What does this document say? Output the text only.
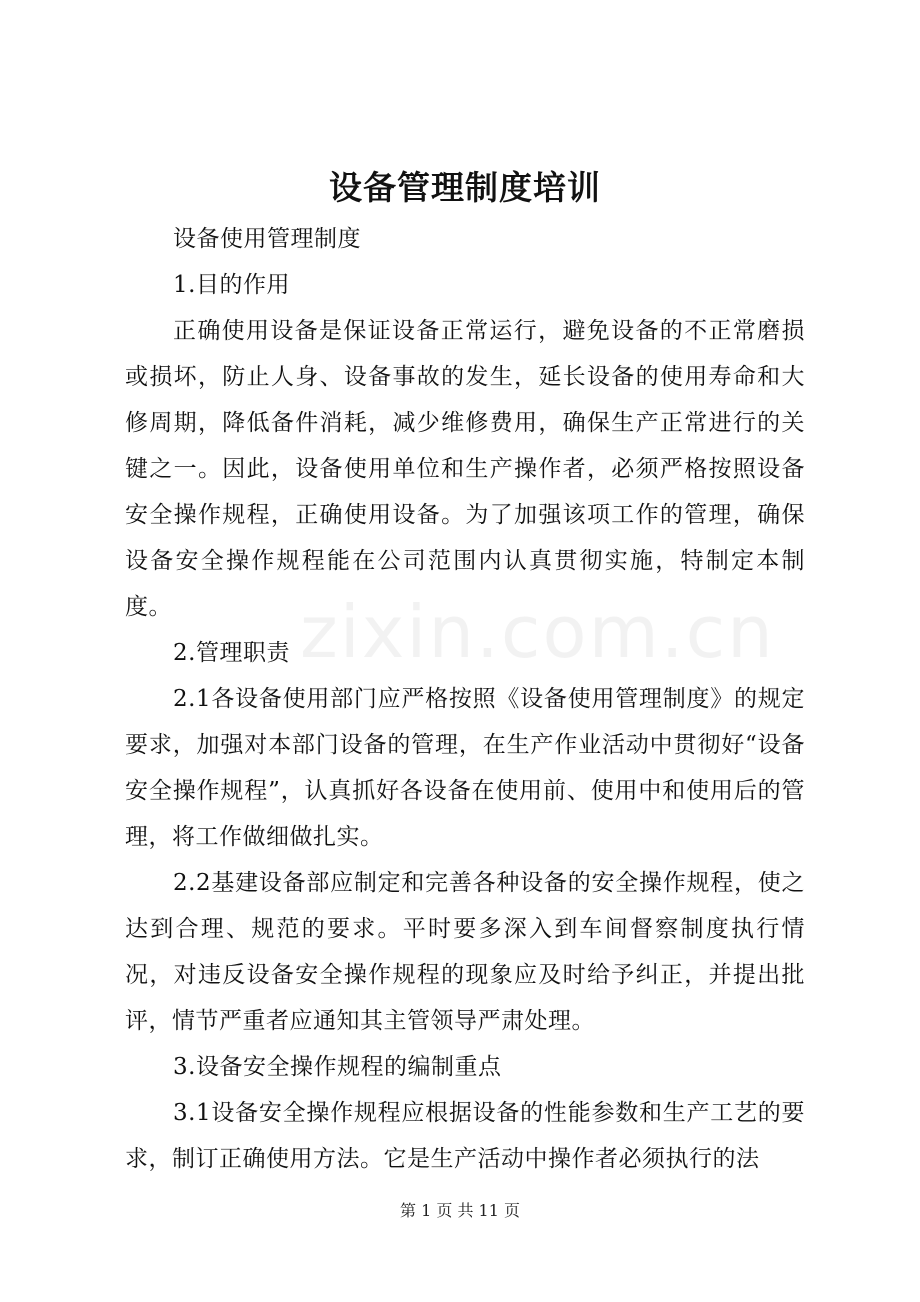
zixin.com.cn
设备管理制度培训

设备使用管理制度

1.目的作用

正确使用设备是保证设备正常运行，避免设备的不正常磨损或损坏，防止人身、设备事故的发生，延长设备的使用寿命和大修周期，降低备件消耗，减少维修费用，确保生产正常进行的关键之一。因此，设备使用单位和生产操作者，必须严格按照设备安全操作规程，正确使用设备。为了加强该项工作的管理，确保设备安全操作规程能在公司范围内认真贯彻实施，特制定本制度。

2.管理职责

2.1各设备使用部门应严格按照《设备使用管理制度》的规定要求，加强对本部门设备的管理，在生产作业活动中贯彻好“设备安全操作规程”，认真抓好各设备在使用前、使用中和使用后的管理，将工作做细做扎实。

2.2基建设备部应制定和完善各种设备的安全操作规程，使之达到合理、规范的要求。平时要多深入到车间督察制度执行情况，对违反设备安全操作规程的现象应及时给予纠正，并提出批评，情节严重者应通知其主管领导严肃处理。

3.设备安全操作规程的编制重点

3.1设备安全操作规程应根据设备的性能参数和生产工艺的要求，制订正确使用方法。它是生产活动中操作者必须执行的法

第 1 页 共 11 页
